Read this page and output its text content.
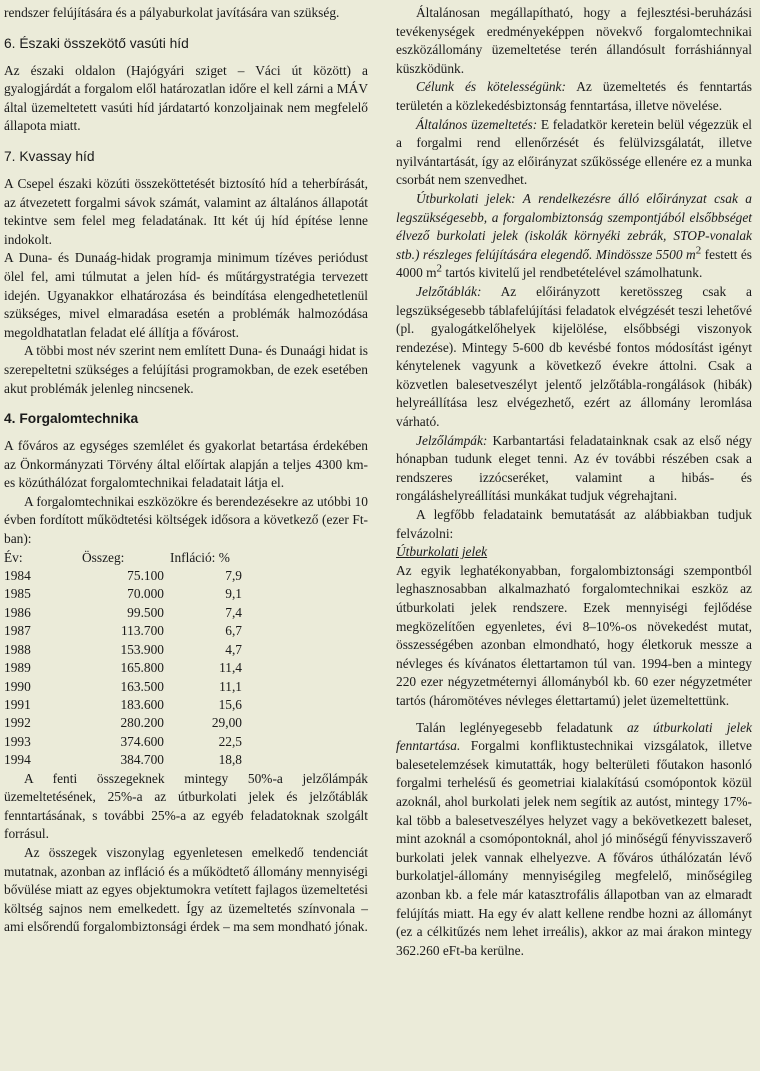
rendszer felújítására és a pályaburkolat javítására van szükség.

6. Északi összekötő vasúti híd

Az északi oldalon (Hajógyári sziget – Váci út között) a gyalogjárdát a forgalom elől határozatlan időre el kell zárni a MÁV által üzemeltetett vasúti híd járdatartó konzoljainak nem megfelelő állapota miatt.

7. Kvassay híd

A Csepel északi közúti összeköttetését biztosító híd a teherbírását, az átvezetett forgalmi sávok számát, valamint az általános állapotát tekintve sem felel meg feladatának. Itt két új híd építése lenne indokolt.

A Duna- és Dunaág-hidak programja minimum tízéves periódust ölel fel, ami túlmutat a jelen híd- és műtárgystratégia tervezett idején. Ugyanakkor elhatározása és beindítása elengedhetetlenül szükséges, mivel elmaradása esetén a problémák halmozódása megoldhatatlan feladat elé állítja a fővárost.

A többi most név szerint nem említett Duna- és Dunaági hidat is szerepeltetni szükséges a felújítási programokban, de ezek esetében akut problémák jelenleg nincsenek.

4. Forgalomtechnika

A főváros az egységes szemlélet és gyakorlat betartása érdekében az Önkormányzati Törvény által előírtak alapján a teljes 4300 km-es közúthálózat forgalomtechnikai feladatait látja el.

A forgalomtechnikai eszközökre és berendezésekre az utóbbi 10 évben fordított működtetési költségek idősora a következő (ezer Ft-ban):

Év:	Összeg:	Infláció: %
1984	75.100	7,9
1985	70.000	9,1
1986	99.500	7,4
1987	113.700	6,7
1988	153.900	4,7
1989	165.800	11,4
1990	163.500	11,1
1991	183.600	15,6
1992	280.200	29,00
1993	374.600	22,5
1994	384.700	18,8

A fenti összegeknek mintegy 50%-a jelzőlámpák üzemeltetésének, 25%-a az útburkolati jelek és jelzőtáblák fenntartásának, s további 25%-a az egyéb feladatoknak szolgált forrásul.

Az összegek viszonylag egyenletesen emelkedő tendenciát mutatnak, azonban az infláció és a működtető állomány mennyiségi bővülése miatt az egyes objektumokra vetített fajlagos üzemeltetési költség sajnos nem emelkedett. Így az üzemeltetés színvonala – ami elsőrendű forgalombiztonsági érdek – ma sem mondható jónak.

Általánosan megállapítható, hogy a fejlesztési-beruházási tevékenységek eredményeképpen növekvő forgalomtechnikai eszközállomány üzemeltetése terén állandósult forráshiánnyal küszködünk.

Célunk és kötelességünk: Az üzemeltetés és fenntartás területén a közlekedésbiztonság fenntartása, illetve növelése.

Általános üzemeltetés: E feladatkör keretein belül végezzük el a forgalmi rend ellenőrzését és felülvizsgálatát, illetve nyilvántartását, így az előirányzat szűkössége ellenére ez a munka csorbát nem szenvedhet.

Útburkolati jelek: A rendelkezésre álló előirányzat csak a legszükségesebb, a forgalombiztonság szempontjából elsőbbséget élvező burkolati jelek (iskolák környéki zebrák, STOP-vonalak stb.) részleges felújítására elegendő. Mindössze 5500 $m^2$ festett és 4000 $m^2$ tartós kivitelű jel rendbetételével számolhatunk.

Jelzőtáblák: Az előirányzott keretösszeg csak a legszükségesebb táblafelújítási feladatok elvégzését teszi lehetővé (pl. gyalogátkelőhelyek kijelölése, elsőbbségi viszonyok rendezése). Mintegy 5-600 db kevésbé fontos módosítást igényt kénytelenek vagyunk a következő évekre áttolni. Csak a közvetlen balesetveszélyt jelentő jelzőtábla-rongálások (hibák) helyreállítása lesz elvégezhető, ezért az állomány leromlása várható.

Jelzőlámpák: Karbantartási feladatainknak csak az első négy hónapban tudunk eleget tenni. Az év további részében csak a rendszeres izzócseréket, valamint a hibás- és rongáláshelyreállítási munkákat tudjuk végrehajtani.

A legfőbb feladataink bemutatását az alábbiakban tudjuk felvázolni:

Útburkolati jelek

Az egyik leghatékonyabban, forgalombiztonsági szempontból leghasznosabban alkalmazható forgalomtechnikai eszköz az útburkolati jelek rendszere. Ezek mennyiségi fejlődése megközelítően egyenletes, évi 8–10%-os növekedést mutat, összességében azonban elmondható, hogy életkoruk messze a névleges és kívánatos élettartamon túl van. 1994-ben a mintegy 220 ezer négyzetméternyi állományból kb. 60 ezer négyzetméter tartós (háromötéves névleges élettartamú) jelet üzemeltettünk.

Talán leglényegesebb feladatunk az útburkolati jelek fenntartása. Forgalmi konfliktustechnikai vizsgálatok, illetve balesetelemzések kimutatták, hogy belterületi főutakon hasonló forgalmi terhelésű és geometriai kialakítású csomópontok közül azoknál, ahol burkolati jelek nem segítik az autóst, mintegy 17%-kal több a balesetveszélyes helyzet vagy a bekövetkezett baleset, mint azoknál a csomópontoknál, ahol jó minőségű fényvisszaverő burkolati jelek vannak elhelyezve. A főváros úthálózatán lévő burkolatjel-állomány mennyiségileg megfelelő, minőségileg azonban kb. a fele már katasztrofális állapotban van az elmaradt felújítás miatt. Ha egy év alatt kellene rendbe hozni az állományt (ez a célkitűzés nem lehet irreális), akkor az mai árakon mintegy 362.260 eFt-ba kerülne.
